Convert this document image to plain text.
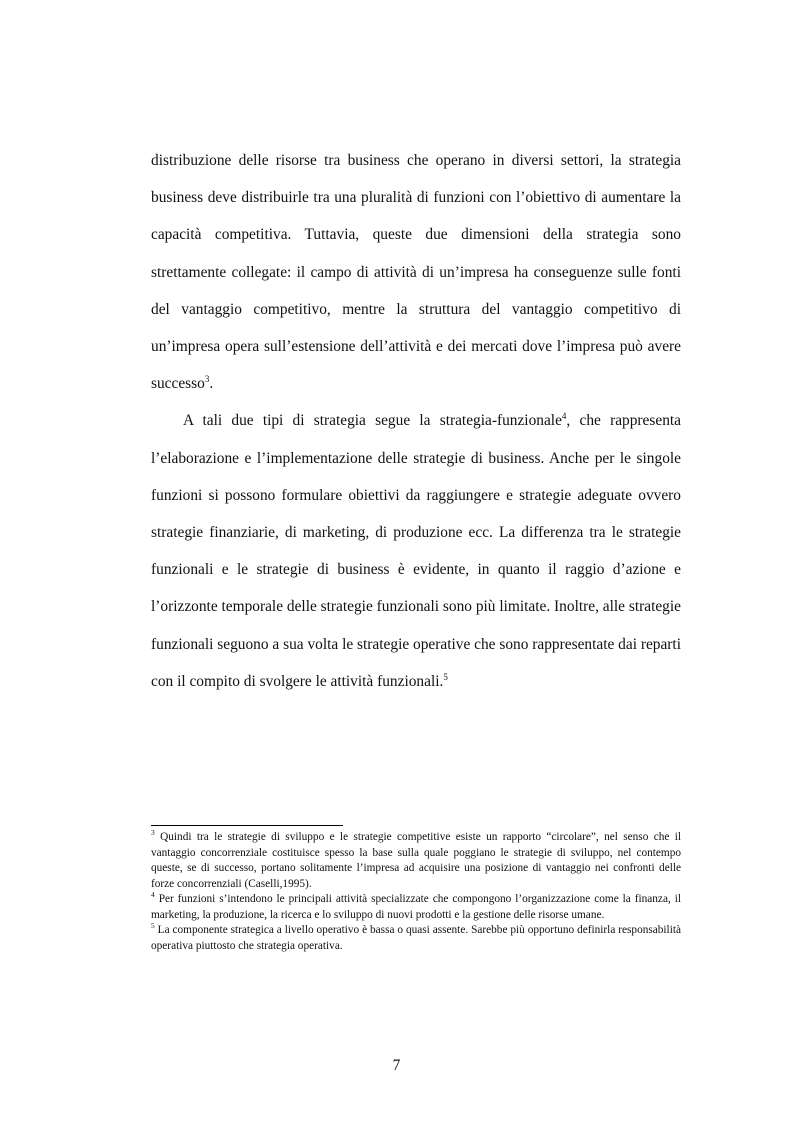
distribuzione delle risorse tra business che operano in diversi settori, la strategia business deve distribuirle tra una pluralità di funzioni con l’obiettivo di aumentare la capacità competitiva. Tuttavia, queste due dimensioni della strategia sono strettamente collegate: il campo di attività di un’impresa ha conseguenze sulle fonti del vantaggio competitivo, mentre la struttura del vantaggio competitivo di un’impresa opera sull’estensione dell’attività e dei mercati dove l’impresa può avere successo$^3$.

A tali due tipi di strategia segue la strategia-funzionale$^4$, che rappresenta l’elaborazione e l’implementazione delle strategie di business. Anche per le singole funzioni si possono formulare obiettivi da raggiungere e strategie adeguate ovvero strategie finanziarie, di marketing, di produzione ecc. La differenza tra le strategie funzionali e le strategie di business è evidente, in quanto il raggio d’azione e l’orizzonte temporale delle strategie funzionali sono più limitate. Inoltre, alle strategie funzionali seguono a sua volta le strategie operative che sono rappresentate dai reparti con il compito di svolgere le attività funzionali.$^5$

$^3$ Quindi tra le strategie di sviluppo e le strategie competitive esiste un rapporto “circolare”, nel senso che il vantaggio concorrenziale costituisce spesso la base sulla quale poggiano le strategie di sviluppo, nel contempo queste, se di successo, portano solitamente l’impresa ad acquisire una posizione di vantaggio nei confronti delle forze concorrenziali (Caselli,1995).

$^4$ Per funzioni s’intendono le principali attività specializzate che compongono l’organizzazione come la finanza, il marketing, la produzione, la ricerca e lo sviluppo di nuovi prodotti e la gestione delle risorse umane.

$^5$ La componente strategica a livello operativo è bassa o quasi assente. Sarebbe più opportuno definirla responsabilità operativa piuttosto che strategia operativa.

7
